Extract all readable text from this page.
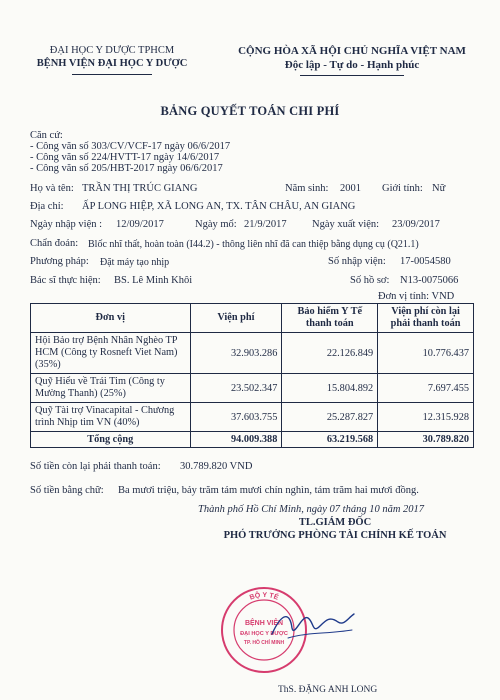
ĐẠI HỌC Y DƯỢC TPHCM
BỆNH VIỆN ĐẠI HỌC Y DƯỢC
CỘNG HÒA XÃ HỘI CHỦ NGHĨA VIỆT NAM
Độc lập - Tự do - Hạnh phúc
BẢNG QUYẾT TOÁN CHI PHÍ
Căn cứ:
- Công văn số 303/CV/VCF-17 ngày 06/6/2017
- Công văn số 224/HVTT-17 ngày 14/6/2017
- Công văn số 205/HBT-2017 ngày 06/6/2017
Họ và tên: TRẦN THỊ TRÚC GIANG	Năm sinh: 2001 Giới tính: Nữ
Địa chỉ: ẤP LONG HIỆP, XÃ LONG AN, TX. TÂN CHÂU, AN GIANG
Ngày nhập viện : 12/09/2017	Ngày mổ: 21/9/2017 Ngày xuất viện: 23/09/2017
Chẩn đoán: Blốc nhĩ thất, hoàn toàn (I44.2) - thông liên nhĩ đã can thiệp bằng dụng cụ (Q21.1)
Phương pháp: Đặt máy tạo nhịp	Số nhập viện: 17-0054580
Bác sĩ thực hiện: BS. Lê Minh Khôi	Số hồ sơ: N13-0075066
Đơn vị tính: VND
Đơn vị	Viện phí	Bảo hiểm Y Tế thanh toán	Viện phí còn lại phải thanh toán
Hội Bảo trợ Bệnh Nhân Nghèo TP HCM (Công ty Rosneft Viet Nam) (35%)	32.903.286	22.126.849	10.776.437
Quỹ Hiểu về Trái Tim (Công ty Mường Thanh) (25%)	23.502.347	15.804.892	7.697.455
Quỹ Tài trợ Vinacapital - Chương trình Nhịp tim VN (40%)	37.603.755	25.287.827	12.315.928
Tổng cộng	94.009.388	63.219.568	30.789.820
Số tiền còn lại phải thanh toán: 30.789.820 VND
Số tiền bằng chữ: Ba mươi triệu, bảy trăm tám mươi chín nghìn, tám trăm hai mươi đồng.
Thành phố Hồ Chí Minh, ngày 07 tháng 10 năm 2017
TL.GIÁM ĐỐC
PHÓ TRƯỞNG PHÒNG TÀI CHÍNH KẾ TOÁN
BỘ Y TẾ
BỆNH VIỆN
ĐẠI HỌC Y DƯỢC
TP. HỒ CHÍ MINH
ThS. ĐẶNG ANH LONG
